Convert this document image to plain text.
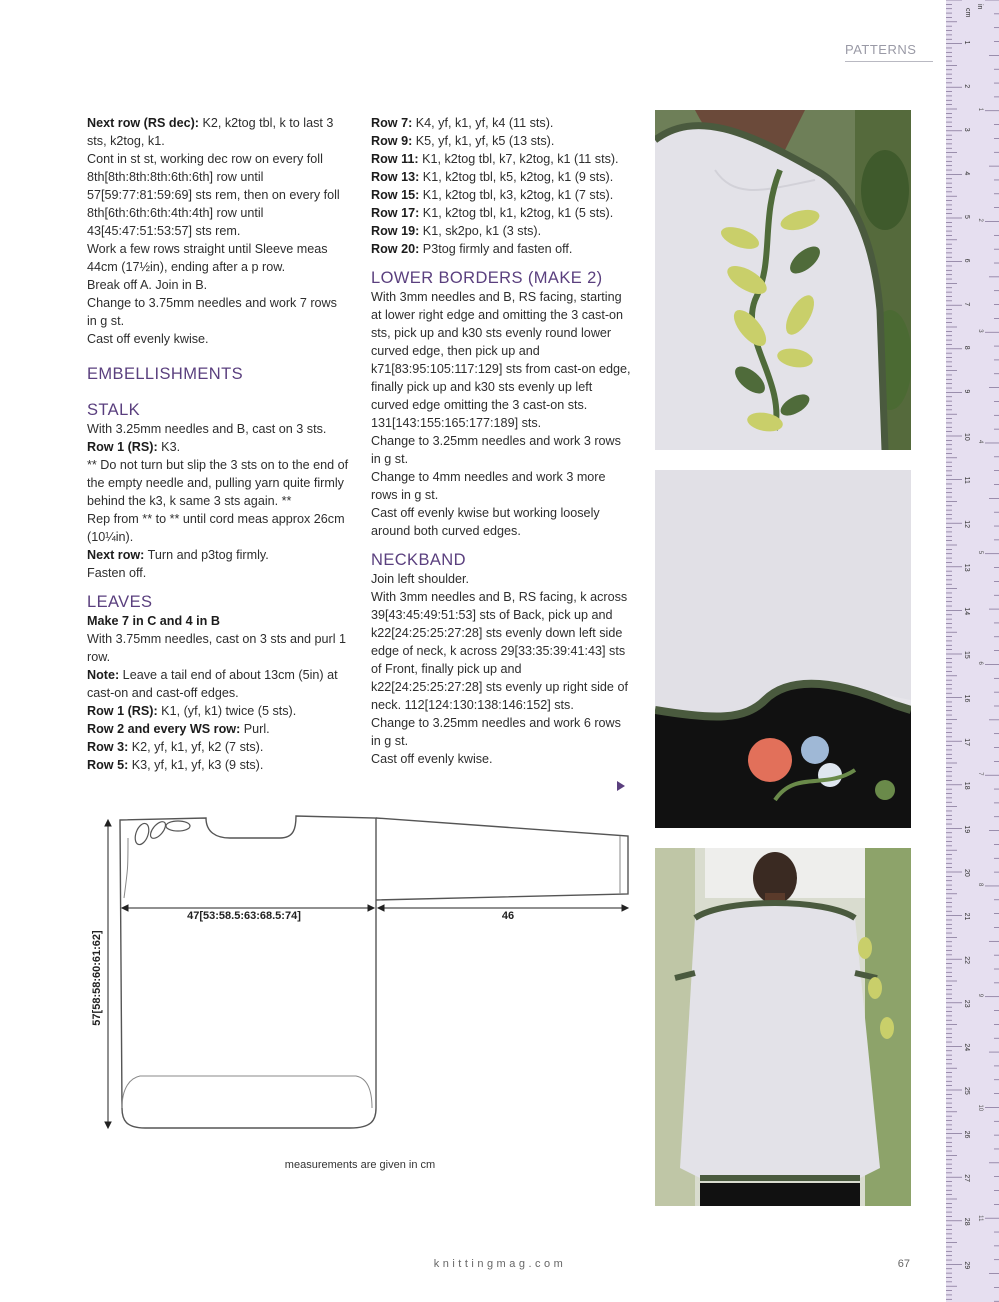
PATTERNS

Next row (RS dec): K2, k2tog tbl, k to last 3 sts, k2tog, k1.

Cont in st st, working dec row on every foll 8th[8th:8th:8th:6th:6th] row until 57[59:77:81:59:69] sts rem, then on every foll 8th[6th:6th:6th:4th:4th] row until 43[45:47:51:53:57] sts rem.

Work a few rows straight until Sleeve meas 44cm (17½in), ending after a p row.

Break off A. Join in B.

Change to 3.75mm needles and work 7 rows in g st.

Cast off evenly kwise.

EMBELLISHMENTS
STALK

With 3.25mm needles and B, cast on 3 sts.

Row 1 (RS): K3.

** Do not turn but slip the 3 sts on to the end of the empty needle and, pulling yarn quite firmly behind the k3, k same 3 sts again. **

Rep from ** to ** until cord meas approx 26cm (10¼in).

Next row: Turn and p3tog firmly.

Fasten off.

LEAVES

Make 7 in C and 4 in B

With 3.75mm needles, cast on 3 sts and purl 1 row.

Note: Leave a tail end of about 13cm (5in) at cast-on and cast-off edges.

Row 1 (RS): K1, (yf, k1) twice (5 sts).

Row 2 and every WS row: Purl.

Row 3: K2, yf, k1, yf, k2 (7 sts).

Row 5: K3, yf, k1, yf, k3 (9 sts).

Row 7: K4, yf, k1, yf, k4 (11 sts).

Row 9: K5, yf, k1, yf, k5 (13 sts).

Row 11: K1, k2tog tbl, k7, k2tog, k1 (11 sts).

Row 13: K1, k2tog tbl, k5, k2tog, k1 (9 sts).

Row 15: K1, k2tog tbl, k3, k2tog, k1 (7 sts).

Row 17: K1, k2tog tbl, k1, k2tog, k1 (5 sts).

Row 19: K1, sk2po, k1 (3 sts).

Row 20: P3tog firmly and fasten off.

LOWER BORDERS (MAKE 2)

With 3mm needles and B, RS facing, starting at lower right edge and omitting the 3 cast-on sts, pick up and k30 sts evenly round lower curved edge, then pick up and k71[83:95:105:117:129] sts from cast-on edge, finally pick up and k30 sts evenly up left curved edge omitting the 3 cast-on sts. 131[143:155:165:177:189] sts.

Change to 3.25mm needles and work 3 rows in g st.

Change to 4mm needles and work 3 more rows in g st.

Cast off evenly kwise but working loosely around both curved edges.

NECKBAND

Join left shoulder.

With 3mm needles and B, RS facing, k across 39[43:45:49:51:53] sts of Back, pick up and k22[24:25:25:27:28] sts evenly down left side edge of neck, k across 29[33:35:39:41:43] sts of Front, finally pick up and k22[24:25:25:27:28] sts evenly up right side of neck. 112[124:130:138:146:152] sts.

Change to 3.25mm needles and work 6 rows in g st.

Cast off evenly kwise.

47[53:58.5:63:68.5:74]	46
57[58:58:60:61:62]
measurements are given in cm
cm
in
1
2
3
4
5
6
7
8
9
10
11
12
13
14
15
16
17
18
19
20
21
22
23
24
25
26
27
28
29
1
2
3
4
5
6
7
8
9
10
11
knittingmag.com	67
